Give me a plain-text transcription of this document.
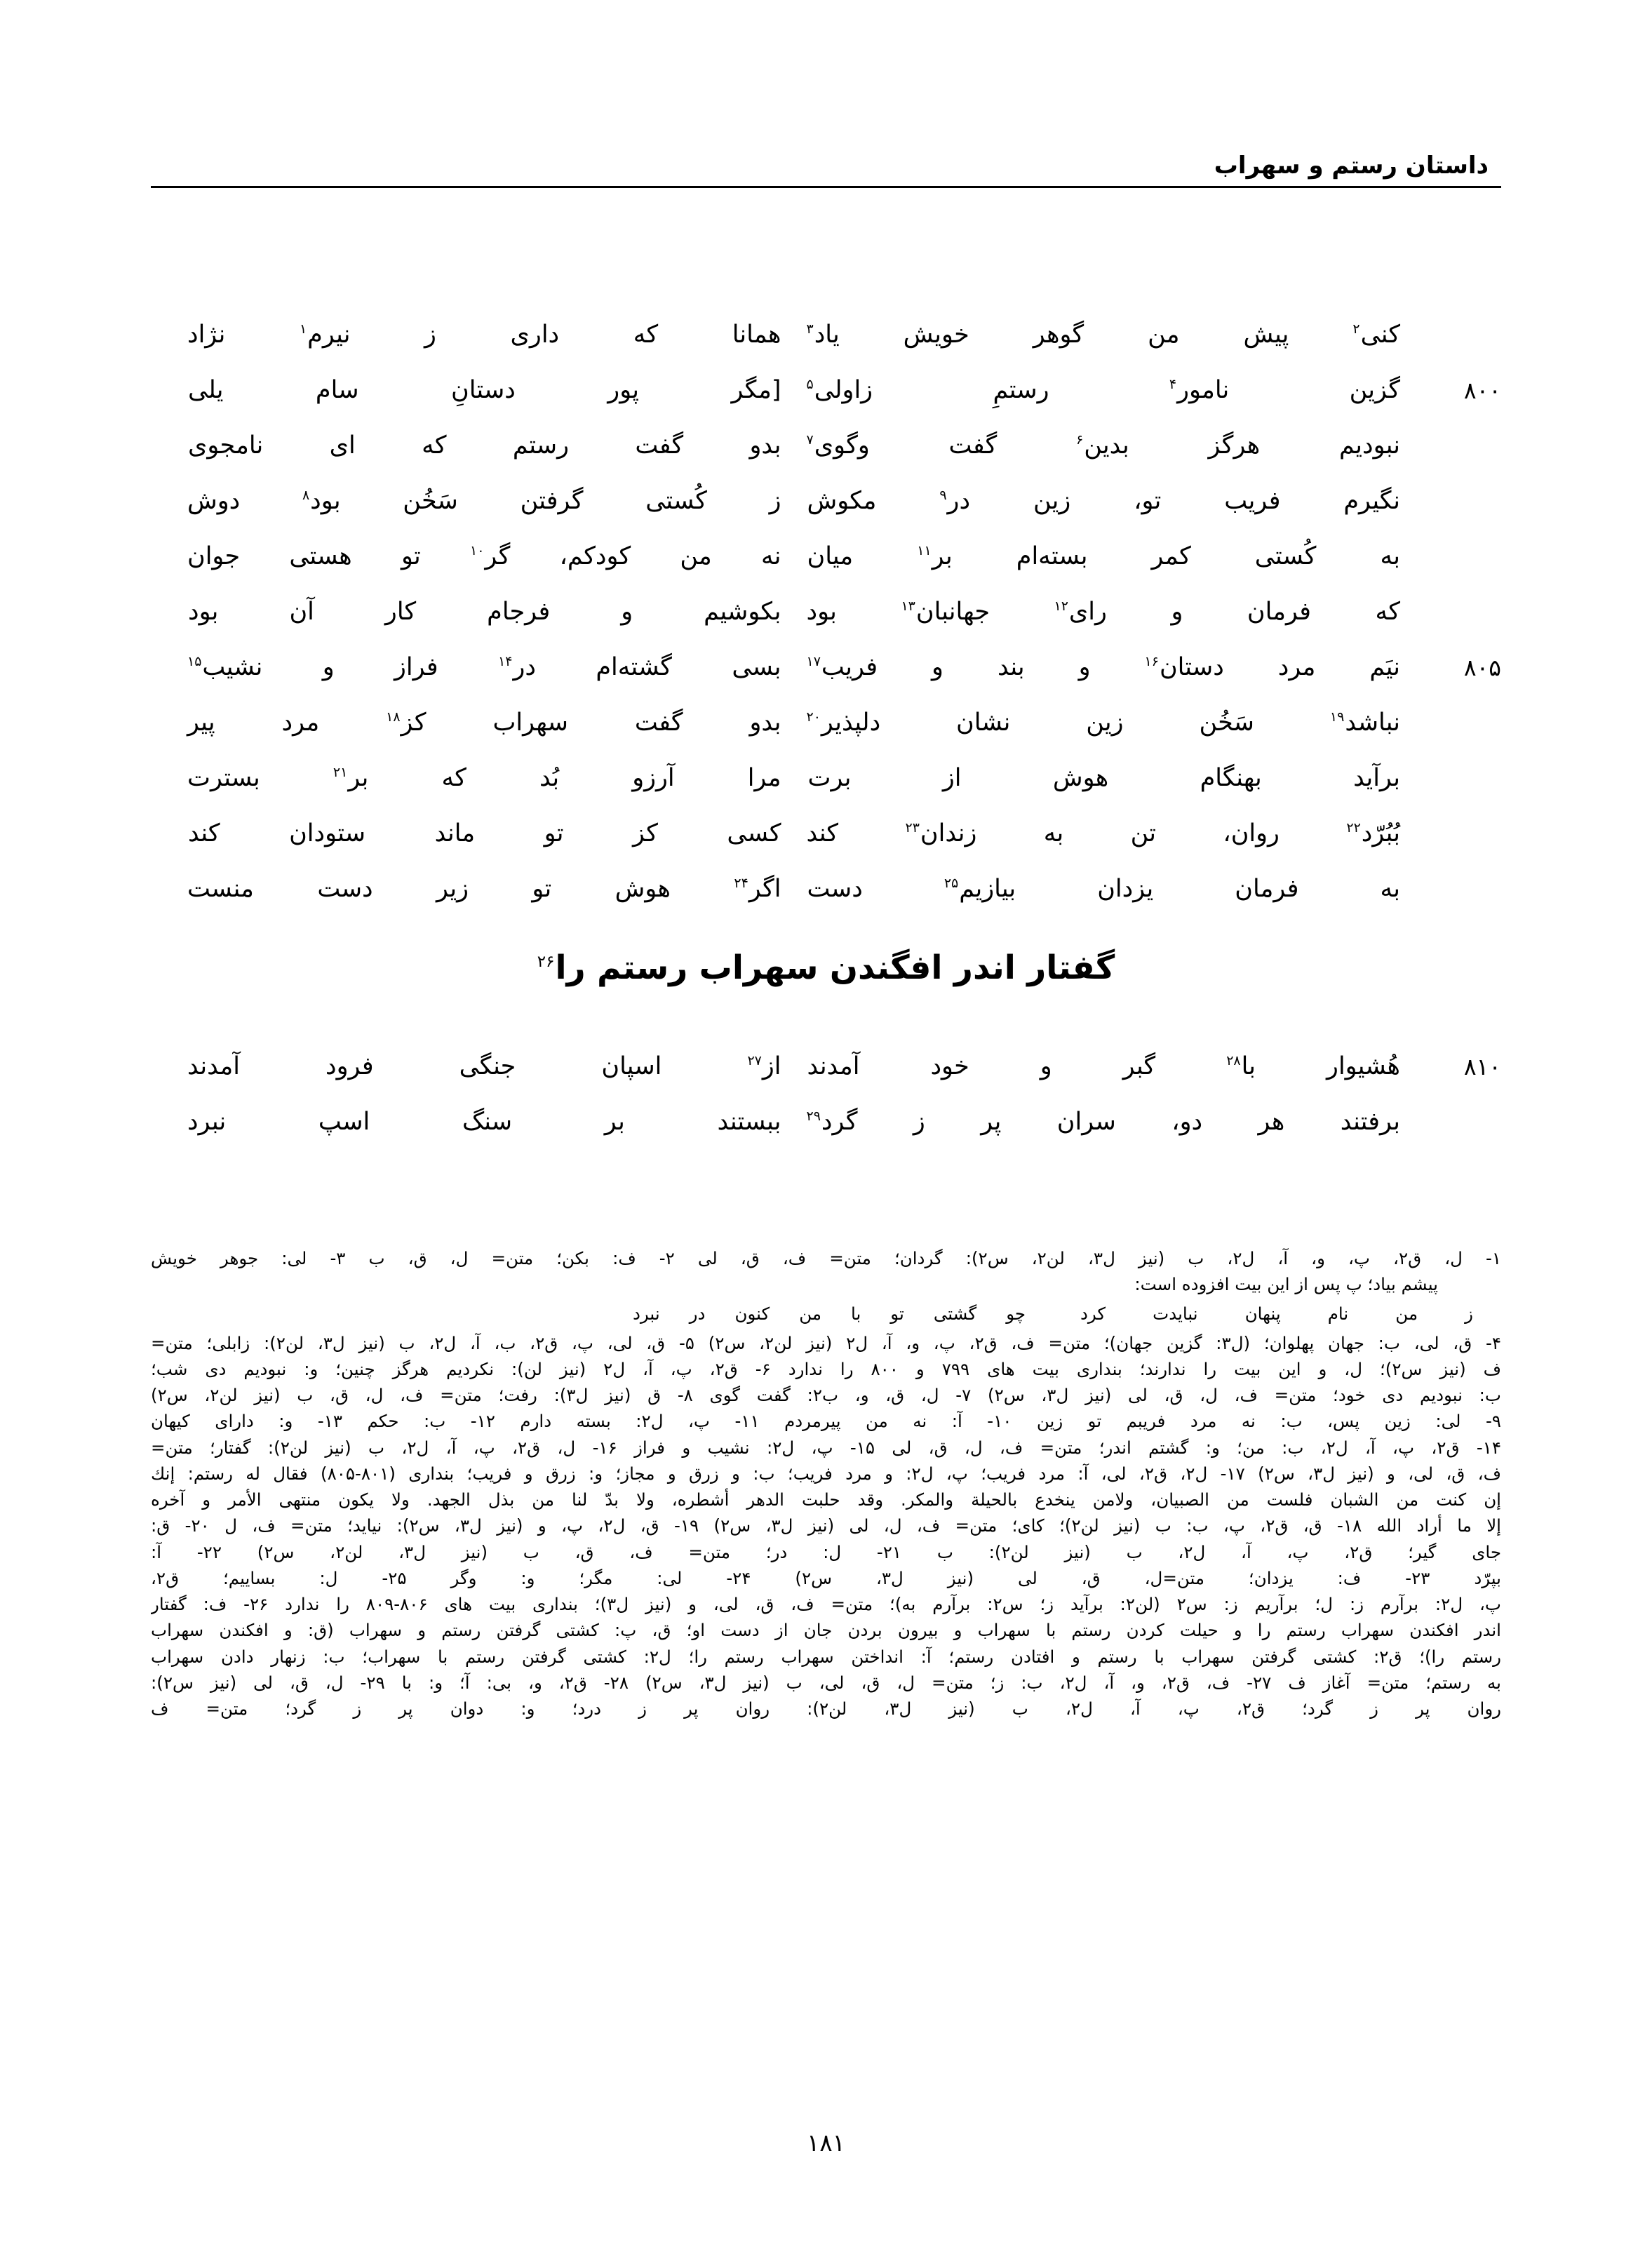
داستان رستم و سهراب
کنی$^۲$ پیش من گوهر خویش یاد$^۳$
همانا که داری ز نیرم$^۱$ نژاد
۸۰۰
گزین نامور$^۴$ رستمِ زاولی$^۵$
[مگر پور دستانِ سام یلی
نبودیم هرگز بدین$^۶$ گفت وگوی$^۷$
بدو گفت رستم که ای نامجوی
نگیرم فریب تو، زین در$^۹$ مکوش
ز کُستی گرفتن سَخُن بود$^۸$ دوش
به کُستی کمر بسته‌ام بر$^{۱۱}$ میان
نه من کودکم، گر$^{۱۰}$ تو هستی جوان
که فرمان و رای$^{۱۲}$ جهانبان$^{۱۳}$ بود
بکوشیم و فرجام کار آن بود
۸۰۵
نیَم مرد دستان$^{۱۶}$ و بند و فریب$^{۱۷}$
بسی گشته‌ام در$^{۱۴}$ فراز و نشیب$^{۱۵}$
نباشد$^{۱۹}$ سَخُن زین نشان دلپذیر$^{۲۰}$
بدو گفت سهراب کز$^{۱۸}$ مرد پیر
برآید بهنگام هوش از برت
مرا آرزو بُد که بر$^{۲۱}$ بسترت
بُبُرّد$^{۲۲}$ روان، تن به زندان$^{۲۳}$ کند
کسی کز تو ماند ستودان کند
به فرمان یزدان بیازیم$^{۲۵}$ دست
اگر$^{۲۴}$ هوش تو زیر دست منست
گفتار اندر افگندن سهراب رستم را$^{۲۶}$
۸۱۰
هُشیوار با$^{۲۸}$ گبر و خود آمدند
از$^{۲۷}$ اسپان جنگی فرود آمدند
برفتند هر دو، سران پر ز گرد$^{۲۹}$
ببستند بر سنگ اسپ نبرد
۱- ل، ق۲، پ، و، آ، ل۲، ب (نیز ل۳، لن۲، س۲): گردان؛ متن= ف، ق، لی ۲- ف: بکن؛ متن= ل، ق، ب ۳- لی: جوهر خویش
پیشم بیاد؛ پ پس از این بیت افزوده است:
ز من نام پنهان نبایدت کردچو گشتی تو با من کنون در نبرد
۴- ق، لی، ب: جهان پهلوان؛ (ل۳: گزین جهان)؛ متن= ف، ق۲، پ، و، آ، ل۲ (نیز لن۲، س۲) ۵- ق، لی، پ، ق۲، ب، آ، ل۲، ب (نیز ل۳، لن۲): زابلی؛ متن=
ف (نیز س۲)؛ ل، و این بیت را ندارند؛ بنداری بیت های ۷۹۹ و ۸۰۰ را ندارد ۶- ق۲، پ، آ، ل۲ (نیز لن): نکردیم هرگز چنین؛ و: نبودیم دی شب؛
ب: نبودیم دی خود؛ متن= ف، ل، ق، لی (نیز ل۳، س۲) ۷- ل، ق، و، ب۲: گفت گوی ۸- ق (نیز ل۳): رفت؛ متن= ف، ل، ق، ب (نیز لن۲، س۲)
۹- لی: زین پس، ب: نه مرد فریبم تو زین ۱۰- آ: نه من پیرمردم ۱۱- پ، ل۲: بسته دارم ۱۲- ب: حکم ۱۳- و: دارای کیهان
۱۴- ق۲، پ، آ، ل۲، ب: من؛ و: گشتم اندر؛ متن= ف، ل، ق، لی ۱۵- پ، ل۲: نشیب و فراز ۱۶- ل، ق۲، پ، آ، ل۲، ب (نیز لن۲): گفتار؛ متن=
ف، ق، لی، و (نیز ل۳، س۲) ۱۷- ل۲، ق۲، لی، آ: مرد فریب؛ پ، ل۲: و مرد فریب؛ ب: و زرق و مجاز؛ و: زرق و فریب؛ بنداری (۸۰۱-۸۰۵) فقال له رستم: إنك
إن كنت من الشبان فلست من الصبيان، ولامن ينخدع بالحيلة والمكر. وقد حلبت الدهر أشطره، ولا بدّ لنا من بذل الجهد. ولا يكون منتهى الأمر و آخره
إلا ما أراد الله ۱۸- ق، ق۲، پ، ب: ب (نیز لن۲)؛ کای؛ متن= ف، ل، لی (نیز ل۳، س۲) ۱۹- ق، ل۲، پ، و (نیز ل۳، س۲): نیاید؛ متن= ف، ل ۲۰- ق:
جای گیر؛ ق۲، پ، آ، ل۲، ب (نیز لن۲): ب ۲۱- ل: در؛ متن= ف، ق، ب (نیز ل۳، لن۲، س۲) ۲۲- آ:
بپرّد ۲۳- ف: یزدان؛ متن=ل، ق، لی (نیز ل۳، س۲) ۲۴- لی: مگر؛ و: وگر ۲۵- ل: بساییم؛ ق۲،
پ، ل۲: برآرم ز: ل؛ برآریم ز: س۲ (لن۲: برآید ز؛ س۲: برآرم به)؛ متن= ف، ق، لی، و (نیز ل۳)؛ بنداری بیت های ۸۰۶-۸۰۹ را ندارد ۲۶- ف: گفتار
اندر افکندن سهراب رستم را و حیلت کردن رستم با سهراب و بیرون بردن جان از دست او؛ ق، پ: کشتی گرفتن رستم و سهراب (ق: و افکندن سهراب
رستم را)؛ ق۲: کشتی گرفتن سهراب با رستم و افتادن رستم؛ آ: انداختن سهراب رستم را؛ ل۲: کشتی گرفتن رستم با سهراب؛ ب: زنهار دادن سهراب
به رستم؛ متن= آغاز ف ۲۷- ف، ق۲، و، آ، ل۲، ب: ز؛ متن= ل، ق، لی، ب (نیز ل۳، س۲) ۲۸- ق۲، و، بی: آ؛ و: با ۲۹- ل، ق، لی (نیز س۲):
روان پر ز گرد؛ ق۲، پ، آ، ل۲، ب (نیز ل۳، لن۲): روان پر ز درد؛ و: دوان پر ز گرد؛ متن= ف
۱۸۱
